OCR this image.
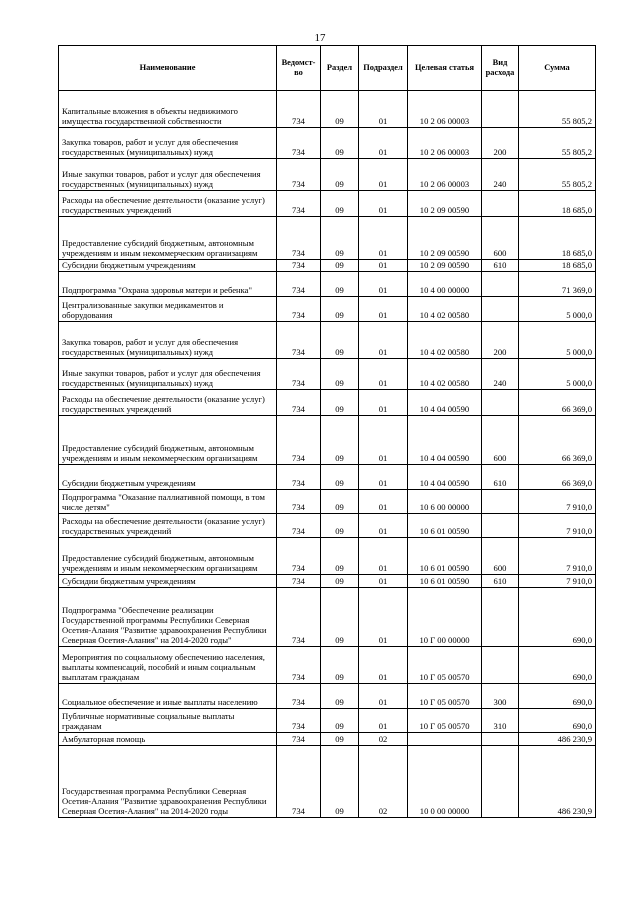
17
Наименование	Ведомст-во	Раздел	Подраздел	Целевая статья	Вид расхода	Сумма
Капитальные вложения в объекты недвижимого имущества государственной собственности	734	09	01	10 2 06 00003		55 805,2
Закупка товаров, работ и услуг для обеспечения государственных (муниципальных) нужд	734	09	01	10 2 06 00003	200	55 805,2
Иные закупки товаров, работ и услуг для обеспечения государственных (муниципальных) нужд	734	09	01	10 2 06 00003	240	55 805,2
Расходы на обеспечение деятельности (оказание услуг) государственных учреждений	734	09	01	10 2 09 00590		18 685,0
Предоставление субсидий бюджетным, автономным учреждениям и иным некоммерческим организациям	734	09	01	10 2 09 00590	600	18 685,0
Субсидии бюджетным учреждениям	734	09	01	10 2 09 00590	610	18 685,0
Подпрограмма "Охрана здоровья матери и ребенка"	734	09	01	10 4 00 00000		71 369,0
Централизованные закупки медикаментов и оборудования	734	09	01	10 4 02 00580		5 000,0
Закупка товаров, работ и услуг для обеспечения государственных (муниципальных) нужд	734	09	01	10 4 02 00580	200	5 000,0
Иные закупки товаров, работ и услуг для обеспечения государственных (муниципальных) нужд	734	09	01	10 4 02 00580	240	5 000,0
Расходы на обеспечение деятельности (оказание услуг) государственных учреждений	734	09	01	10 4 04 00590		66 369,0
Предоставление субсидий бюджетным, автономным учреждениям и иным некоммерческим организациям	734	09	01	10 4 04 00590	600	66 369,0
Субсидии бюджетным учреждениям	734	09	01	10 4 04 00590	610	66 369,0
Подпрограмма "Оказание паллиативной помощи, в том числе детям"	734	09	01	10 6 00 00000		7 910,0
Расходы на обеспечение деятельности (оказание услуг) государственных учреждений	734	09	01	10 6 01 00590		7 910,0
Предоставление субсидий бюджетным, автономным учреждениям и иным некоммерческим организациям	734	09	01	10 6 01 00590	600	7 910,0
Субсидии бюджетным учреждениям	734	09	01	10 6 01 00590	610	7 910,0
Подпрограмма "Обеспечение реализации Государственной программы Республики Северная Осетия-Алания "Развитие здравоохранения Республики Северная Осетия-Алания" на 2014-2020 годы"	734	09	01	10 Г 00 00000		690,0
Мероприятия по социальному обеспечению населения, выплаты компенсаций, пособий и иным социальным выплатам гражданам	734	09	01	10 Г 05 00570		690,0
Социальное обеспечение и иные выплаты населению	734	09	01	10 Г 05 00570	300	690,0
Публичные нормативные социальные выплаты гражданам	734	09	01	10 Г 05 00570	310	690,0
Амбулаторная помощь	734	09	02			486 230,9
Государственная программа Республики Северная Осетия-Алания "Развитие здравоохранения Республики Северная Осетия-Алания" на 2014-2020 годы	734	09	02	10 0 00 00000		486 230,9
